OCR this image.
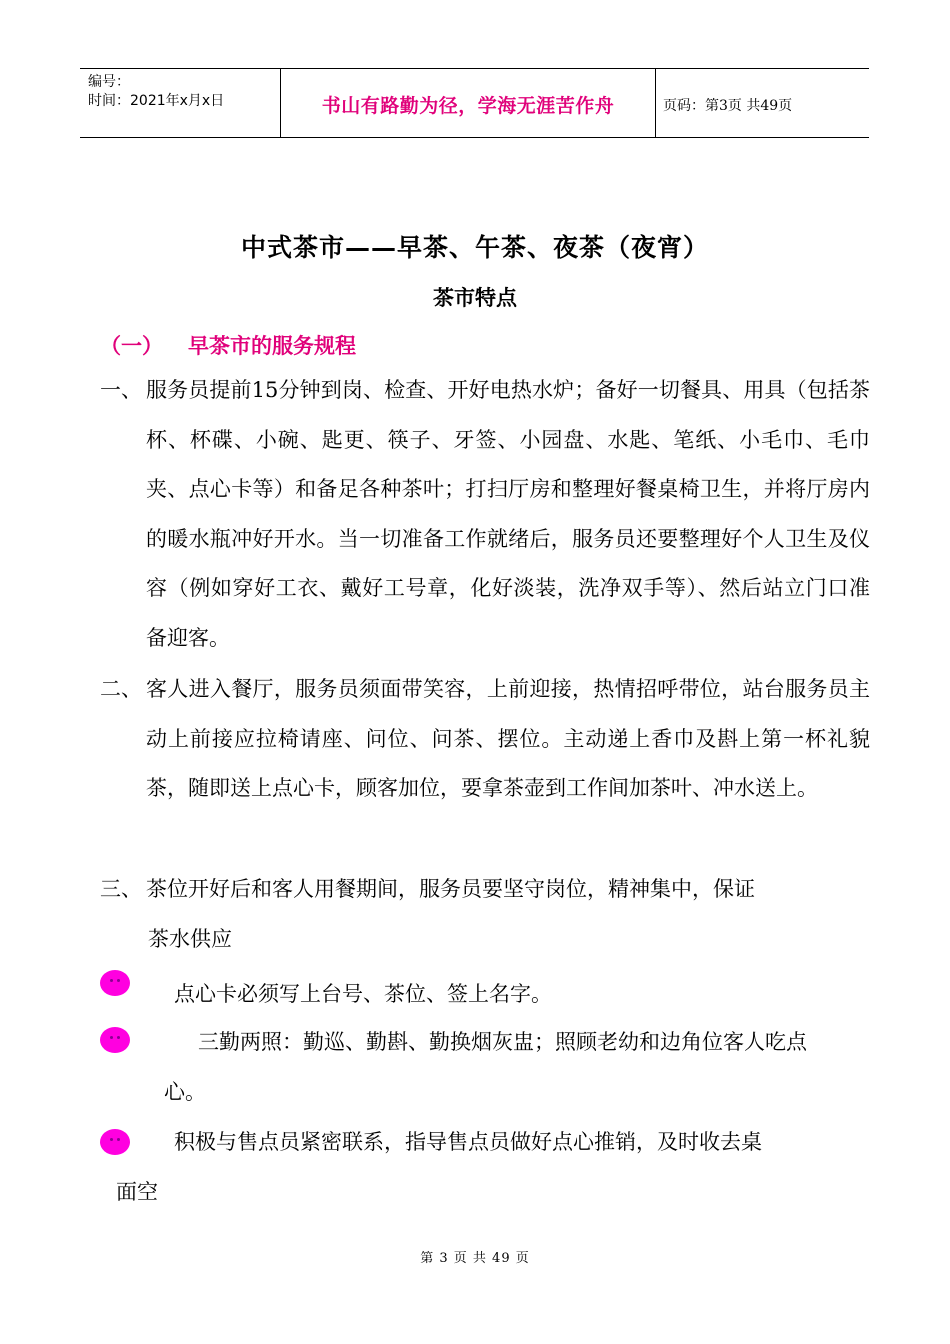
编号：
时间：2021年x月x日	书山有路勤为径，学海无涯苦作舟	页码：第3页 共49页
中式茶市——早茶、午茶、夜茶（夜宵）
茶市特点
（一） 早茶市的服务规程
一、 服务员提前15分钟到岗、检查、开好电热水炉；备好一切餐具、用具（包括茶杯、杯碟、小碗、匙更、筷子、牙签、小园盘、水匙、笔纸、小毛巾、毛巾夹、点心卡等）和备足各种茶叶；打扫厅房和整理好餐桌椅卫生，并将厅房内的暖水瓶冲好开水。当一切准备工作就绪后，服务员还要整理好个人卫生及仪容（例如穿好工衣、戴好工号章，化好淡装，洗净双手等）、然后站立门口准备迎客。
二、 客人进入餐厅，服务员须面带笑容，上前迎接，热情招呼带位，站台服务员主动上前接应拉椅请座、问位、问茶、摆位。主动递上香巾及斟上第一杯礼貌茶，随即送上点心卡，顾客加位，要拿茶壶到工作间加茶叶、冲水送上。
三、 茶位开好后和客人用餐期间，服务员要坚守岗位，精神集中，保证
茶水供应
点心卡必须写上台号、茶位、签上名字。
三勤两照：勤巡、勤斟、勤换烟灰盅；照顾老幼和边角位客人吃点
心。
积极与售点员紧密联系，指导售点员做好点心推销，及时收去桌
面空
第 3 页 共 49 页
